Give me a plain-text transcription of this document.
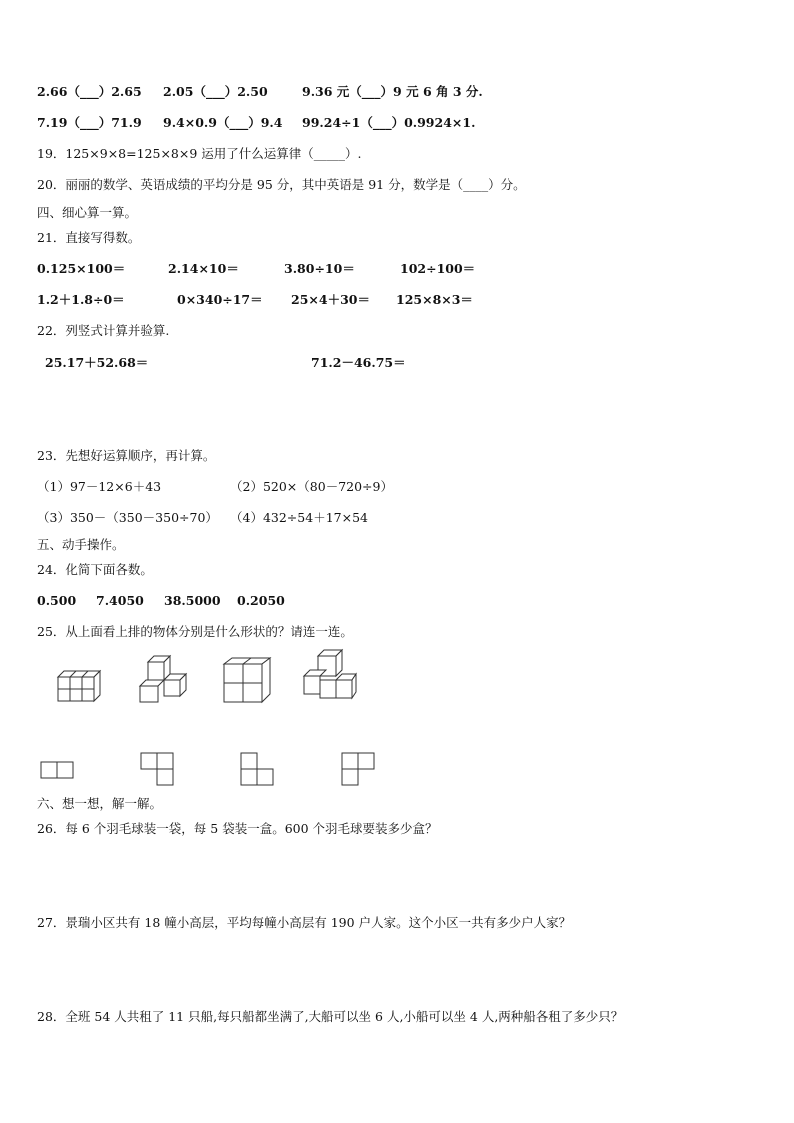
2.66（___）2.65 2.05（___）2.50	9.36 元（___）9 元 6 角 3 分.
7.19（___）71.9 9.4×0.9（___）9.4 99.24÷1（___）0.9924×1.
19．125×9×8=125×8×9 运用了什么运算律（_____）.
20．丽丽的数学、英语成绩的平均分是 95 分，其中英语是 91 分，数学是（____）分。
四、细心算一算。
21．直接写得数。
0.125×100＝	2.14×10＝	3.80÷10＝	102÷100＝
1.2＋1.8÷0＝	0×340÷17＝ 25×4＋30＝ 125×8×3＝
22．列竖式计算并验算.
25.17＋52.68＝	71.2－46.75＝
23．先想好运算顺序，再计算。
（1）97－12×6＋43	（2）520×（80－720÷9）
（3）350－（350－350÷70） （4）432÷54＋17×54
五、动手操作。
24．化简下面各数。
0.500 7.4050 38.5000 0.2050
25．从上面看上排的物体分别是什么形状的？请连一连。
六、想一想，解一解。
26．每 6 个羽毛球装一袋，每 5 袋装一盒。600 个羽毛球要装多少盒？
27．景瑞小区共有 18 幢小高层，平均每幢小高层有 190 户人家。这个小区一共有多少户人家？
28．全班 54 人共租了 11 只船,每只船都坐满了,大船可以坐 6 人,小船可以坐 4 人,两种船各租了多少只？
